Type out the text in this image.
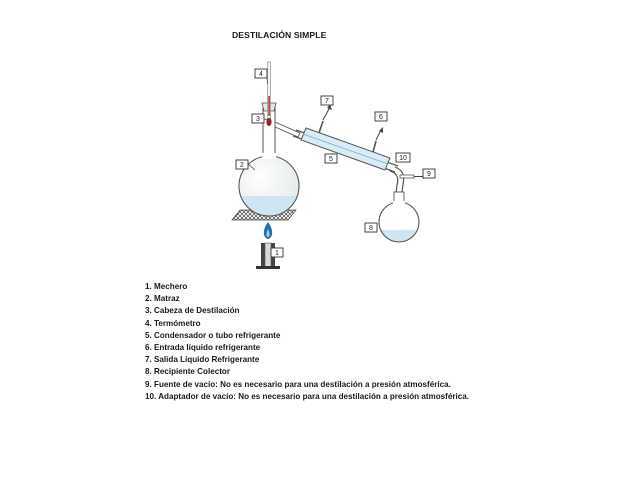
DESTILACIÓN SIMPLE
1
2
3
4
5
6
7
8
9
10
1. Mechero
2. Matraz
3. Cabeza de Destilación
4. Termómetro
5. Condensador o tubo refrigerante
6. Entrada líquido refrigerante
7. Salida Líquido Refrigerante
8. Recipiente Colector
9. Fuente de vacío: No es necesario para una destilación a presión atmosférica.
10. Adaptador de vacío: No es necesario para una destilación a presión atmosférica.
